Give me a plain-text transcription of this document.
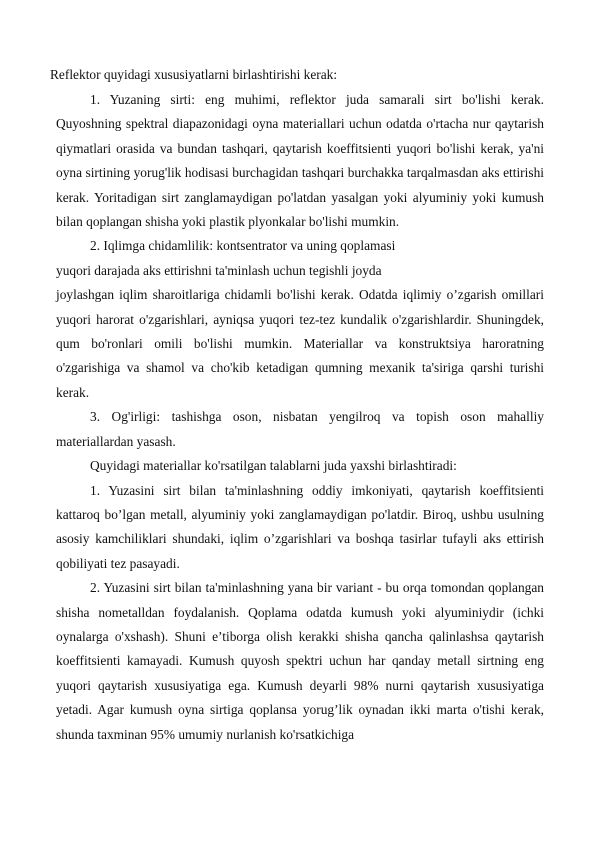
Reflektor quyidagi xususiyatlarni birlashtirishi kerak:

1. Yuzaning sirti: eng muhimi, reflektor juda samarali sirt bo'lishi kerak. Quyoshning spektral diapazonidagi oyna materiallari uchun odatda o'rtacha nur qaytarish qiymatlari orasida va bundan tashqari, qaytarish koeffitsienti yuqori bo'lishi kerak, ya'ni oyna sirtining yorug'lik hodisasi burchagidan tashqari burchakka tarqalmasdan aks ettirishi kerak. Yoritadigan sirt zanglamaydigan po'latdan yasalgan yoki alyuminiy yoki kumush bilan qoplangan shisha yoki plastik plyonkalar bo'lishi mumkin.

2. Iqlimga chidamlilik: kontsentrator va uning qoplamasi

yuqori darajada aks ettirishni ta'minlash uchun tegishli joyda

joylashgan iqlim sharoitlariga chidamli bo'lishi kerak. Odatda iqlimiy o’zgarish omillari yuqori harorat o'zgarishlari, ayniqsa yuqori tez-tez kundalik o'zgarishlardir. Shuningdek, qum bo'ronlari omili bo'lishi mumkin. Materiallar va konstruktsiya haroratning o'zgarishiga va shamol va cho'kib ketadigan qumning mexanik ta'siriga qarshi turishi kerak.

3. Og'irligi: tashishga oson, nisbatan yengilroq va topish oson mahalliy materiallardan yasash.

Quyidagi materiallar ko'rsatilgan talablarni juda yaxshi birlashtiradi:

1. Yuzasini sirt bilan ta'minlashning oddiy imkoniyati, qaytarish koeffitsienti kattaroq bo’lgan metall, alyuminiy yoki zanglamaydigan po'latdir. Biroq, ushbu usulning asosiy kamchiliklari shundaki, iqlim o’zgarishlari va boshqa tasirlar tufayli aks ettirish qobiliyati tez pasayadi.

2. Yuzasini sirt bilan ta'minlashning yana bir variant - bu orqa tomondan qoplangan shisha nometalldan foydalanish. Qoplama odatda kumush yoki alyuminiydir (ichki oynalarga o'xshash). Shuni e’tiborga olish kerakki shisha qancha qalinlashsa qaytarish koeffitsienti kamayadi. Kumush quyosh spektri uchun har qanday metall sirtning eng yuqori qaytarish xususiyatiga ega. Kumush deyarli 98% nurni qaytarish xususiyatiga yetadi. Agar kumush oyna sirtiga qoplansa yorug’lik oynadan ikki marta o'tishi kerak, shunda taxminan 95% umumiy nurlanish ko'rsatkichiga
